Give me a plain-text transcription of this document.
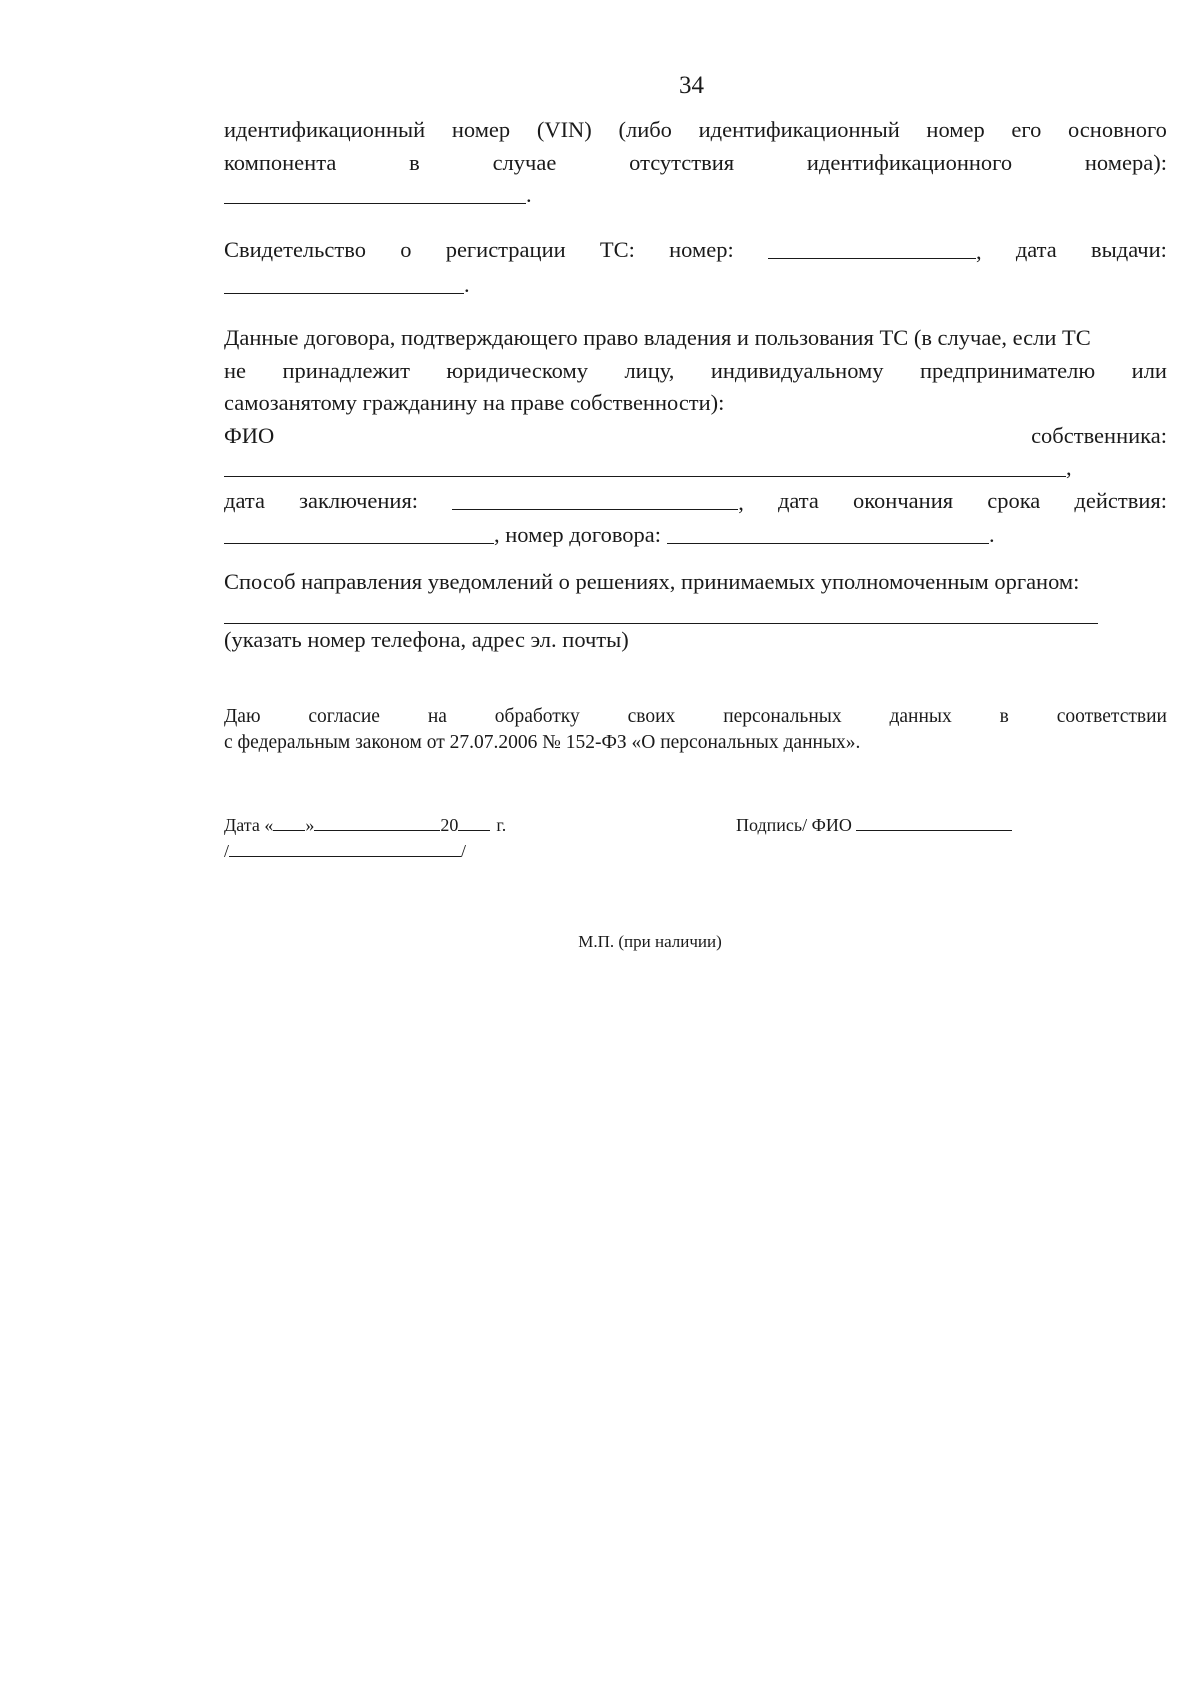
34
идентификационный номер (VIN) (либо идентификационный номер его основного
компонента	в	случае	отсутствия	идентификационного	номера):
.
Свидетельство о регистрации ТС: номер:	, дата выдачи:
.
Данные договора, подтверждающего право владения и пользования ТС (в случае, если ТС
не принадлежит юридическому лицу, индивидуальному предпринимателю или
самозанятому гражданину на праве собственности):
ФИО	собственника:
,
дата заключения:	, дата окончания срока действия:
, номер договора:	.
Способ направления уведомлений о решениях, принимаемых уполномоченным органом:
(указать номер телефона, адрес эл. почты)
Даю согласие на обработку своих персональных данных в соответствии
с федеральным законом от 27.07.2006 № 152-ФЗ «О персональных данных».
Дата « »	20 г.
/	/
Подпись/ ФИО
М.П. (при наличии)
